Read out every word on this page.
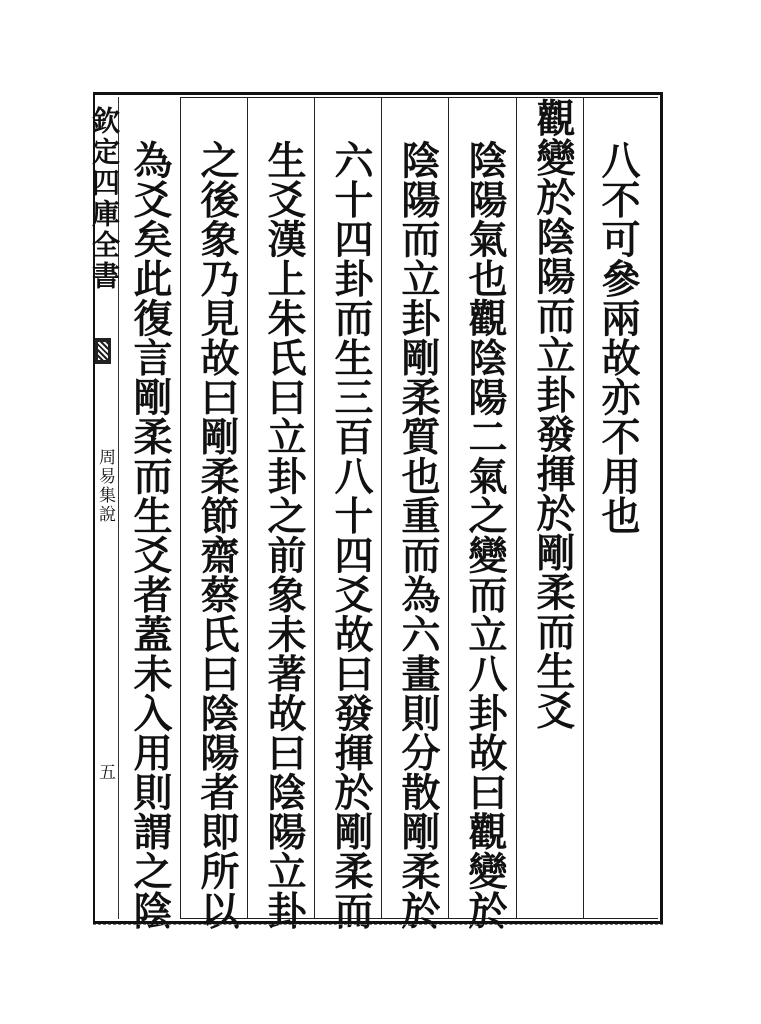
欽定四庫全書
周易集說
五
八不可參兩故亦不用也
觀變於陰陽而立卦發揮於剛柔而生爻
陰陽氣也觀陰陽二氣之變而立八卦故曰觀變於
陰陽而立卦剛柔質也重而為六畫則分散剛柔於
六十四卦而生三百八十四爻故曰發揮於剛柔而
生爻漢上朱氏曰立卦之前象未著故曰陰陽立卦
之後象乃見故曰剛柔節齋蔡氏曰陰陽者即所以
為爻矣此復言剛柔而生爻者蓋未入用則謂之陰
